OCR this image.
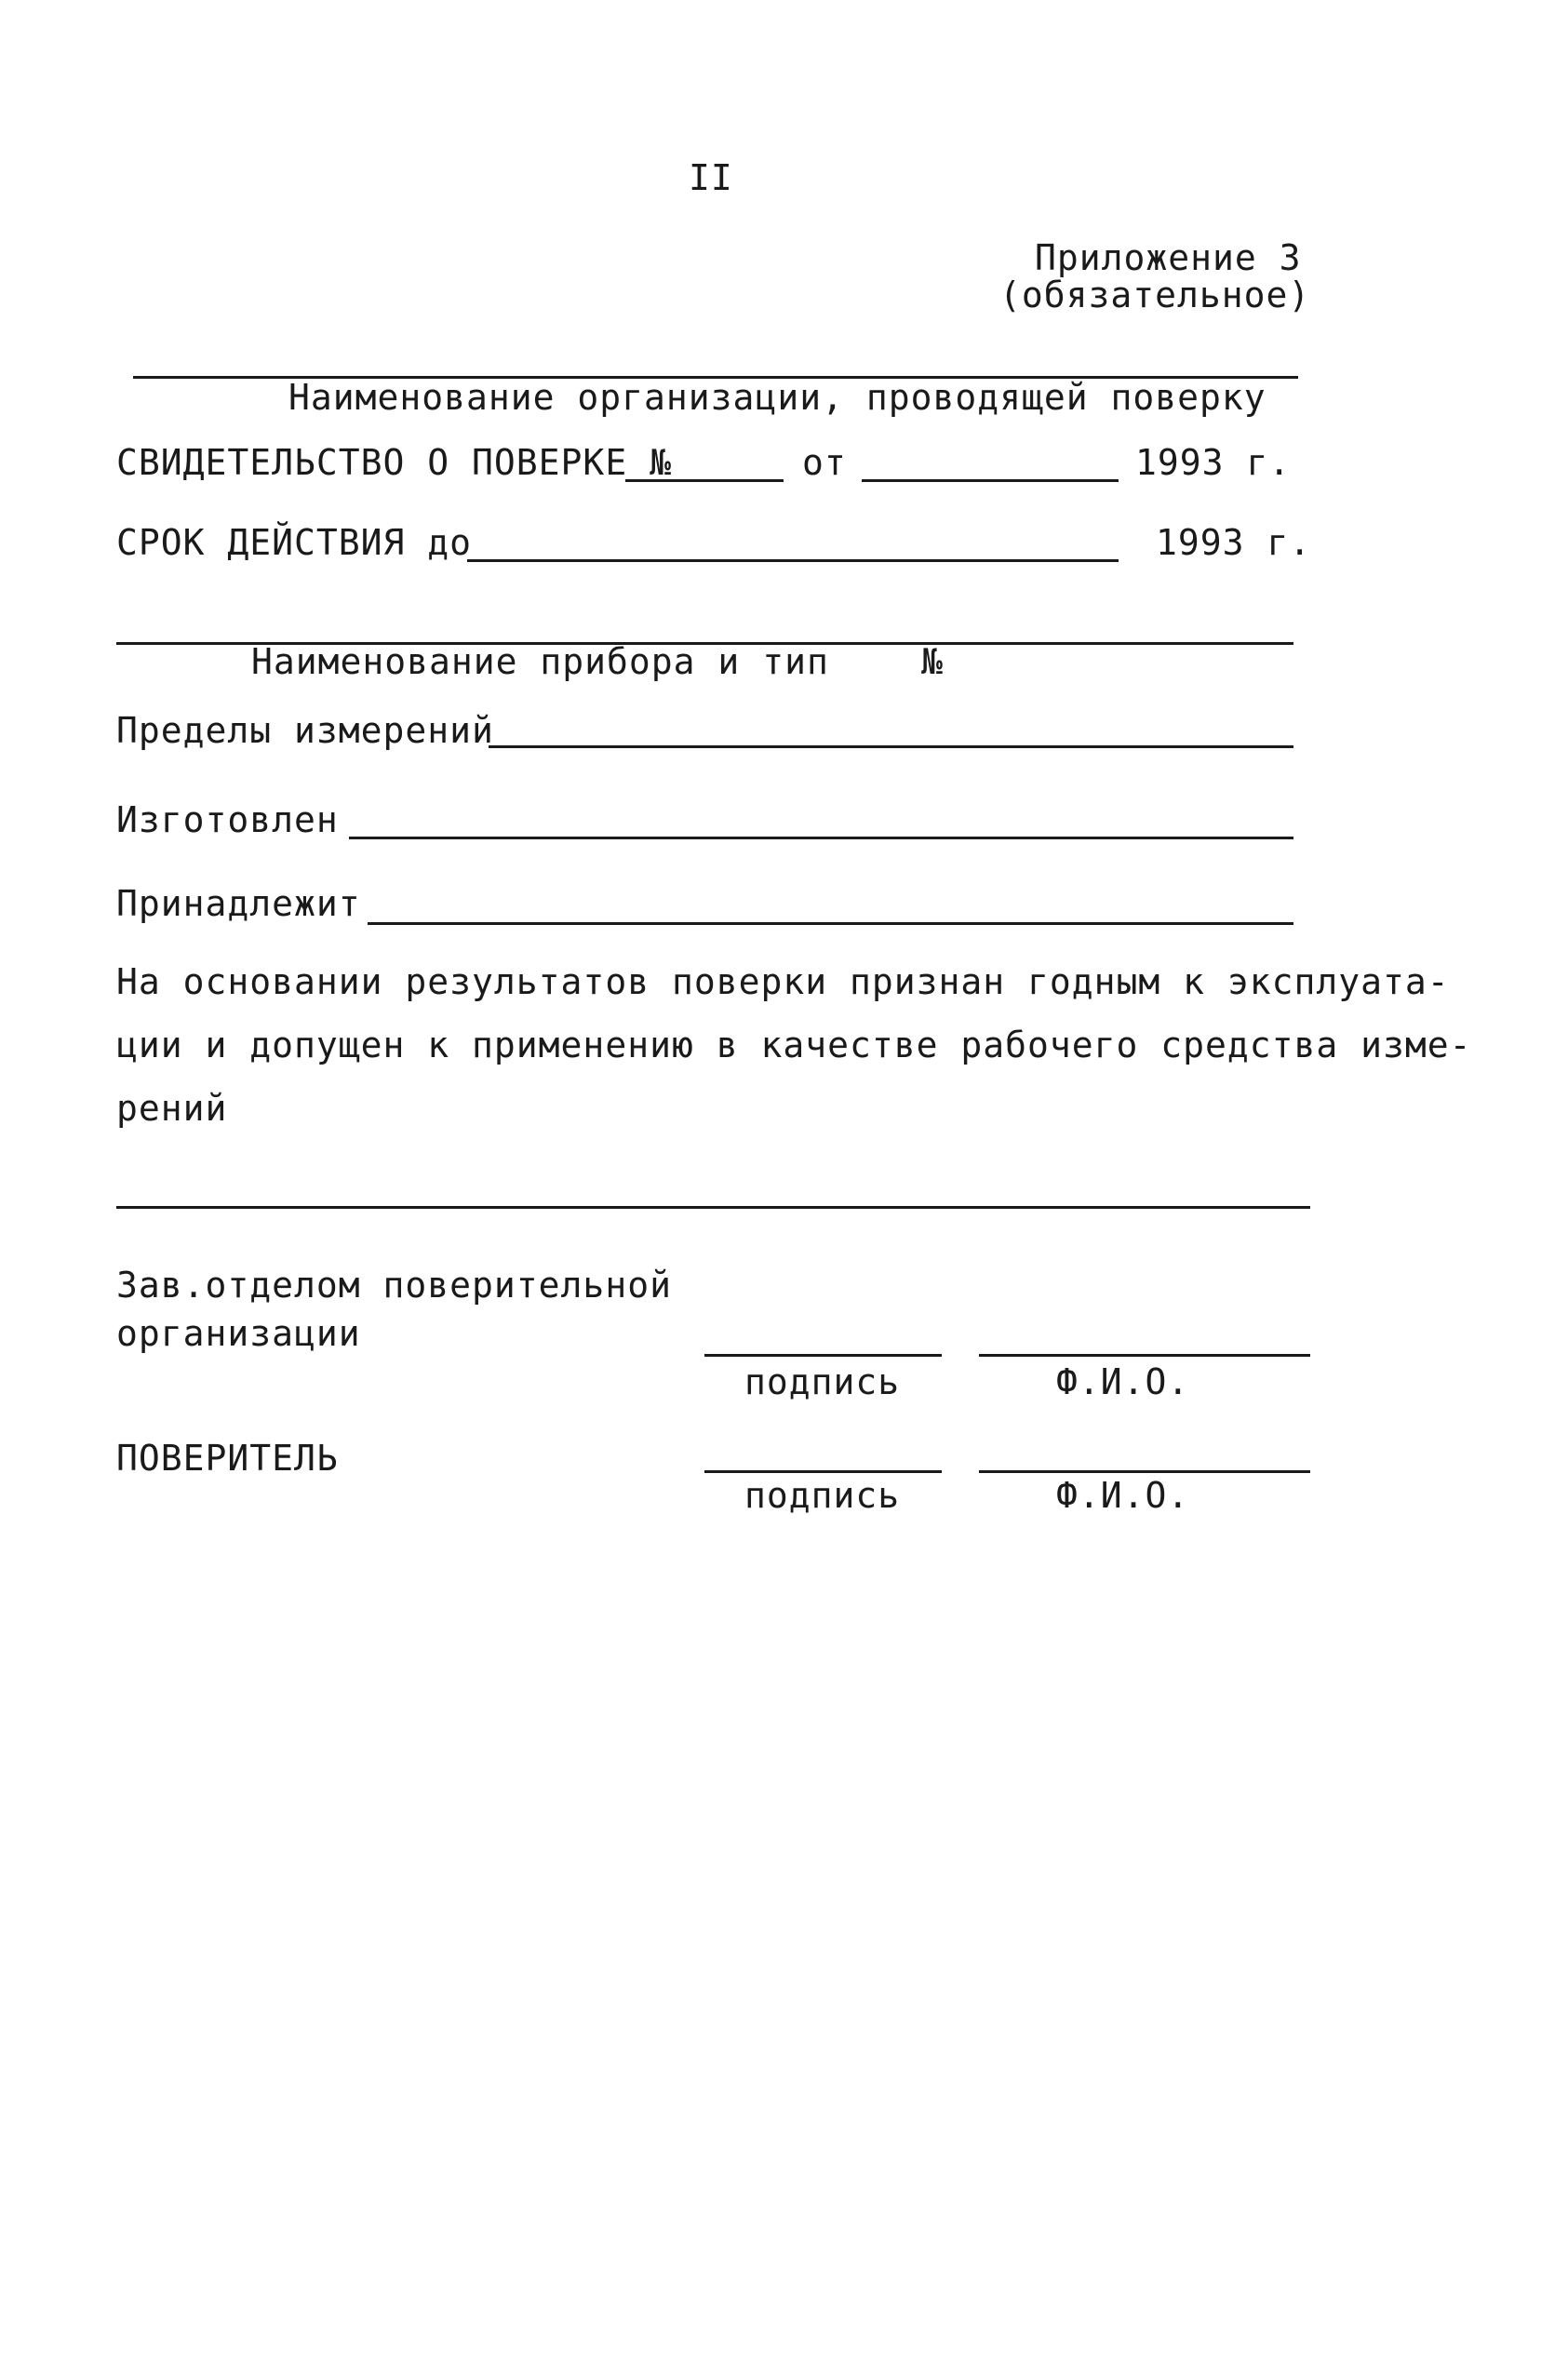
II
Приложение 3
(обязательное)
Наименование организации, проводящей поверку
СВИДЕТЕЛЬСТВО О ПОВЕРКЕ №	от	1993 г.
СРОК ДЕЙСТВИЯ до	1993 г.
Наименование прибора и тип	№
Пределы измерений
Изготовлен
Принадлежит
На основании результатов поверки признан годным к эксплуата-
ции и допущен к применению в качестве рабочего средства изме-
рений
Зав.отделом поверительной
организации
подпись	Ф.И.О.
ПОВЕРИТЕЛЬ
подпись	Ф.И.О.
